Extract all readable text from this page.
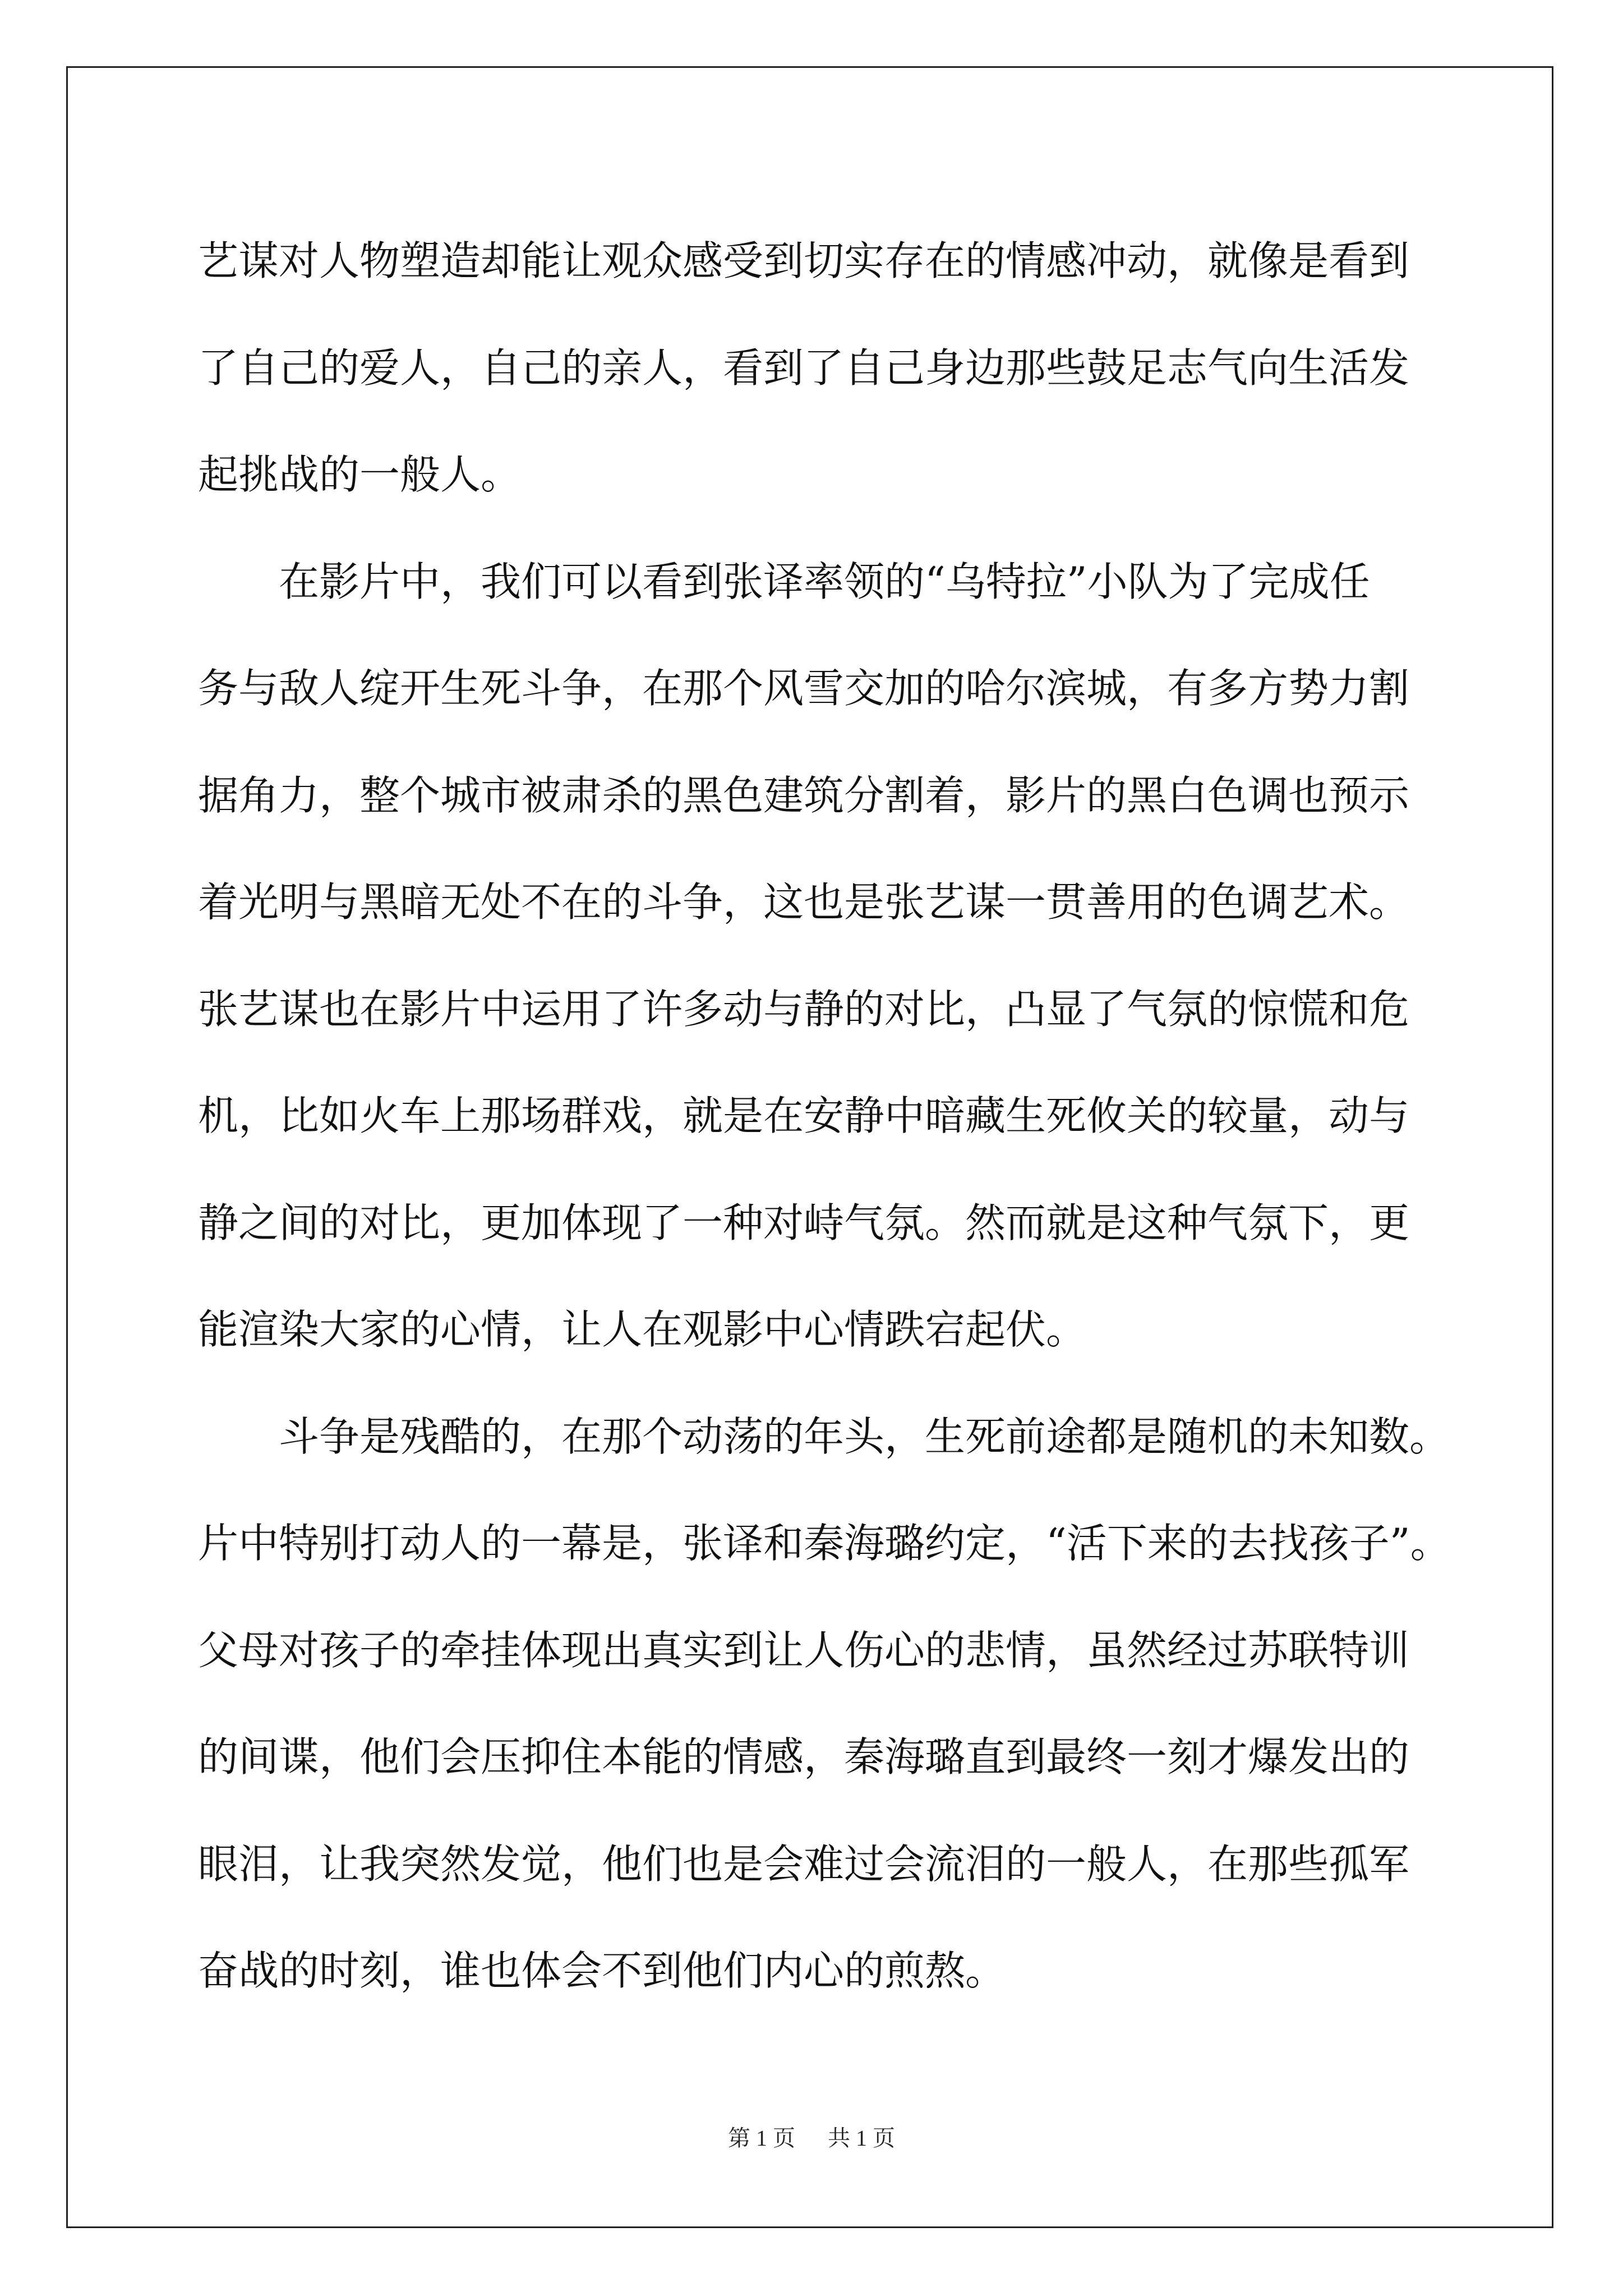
艺谋对人物塑造却能让观众感受到切实存在的情感冲动，就像是看到
了自己的爱人，自己的亲人，看到了自己身边那些鼓足志气向生活发
起挑战的一般人。
　　在影片中，我们可以看到张译率领的“乌特拉”小队为了完成任
务与敌人绽开生死斗争，在那个风雪交加的哈尔滨城，有多方势力割
据角力，整个城市被肃杀的黑色建筑分割着，影片的黑白色调也预示
着光明与黑暗无处不在的斗争，这也是张艺谋一贯善用的色调艺术。
张艺谋也在影片中运用了许多动与静的对比，凸显了气氛的惊慌和危
机，比如火车上那场群戏，就是在安静中暗藏生死攸关的较量，动与
静之间的对比，更加体现了一种对峙气氛。然而就是这种气氛下，更
能渲染大家的心情，让人在观影中心情跌宕起伏。
　　斗争是残酷的，在那个动荡的年头，生死前途都是随机的未知数。
片中特别打动人的一幕是，张译和秦海璐约定，“活下来的去找孩子”。
父母对孩子的牵挂体现出真实到让人伤心的悲情，虽然经过苏联特训
的间谍，他们会压抑住本能的情感，秦海璐直到最终一刻才爆发出的
眼泪，让我突然发觉，他们也是会难过会流泪的一般人，在那些孤军
奋战的时刻，谁也体会不到他们内心的煎熬。
第 1 页 共 1 页
